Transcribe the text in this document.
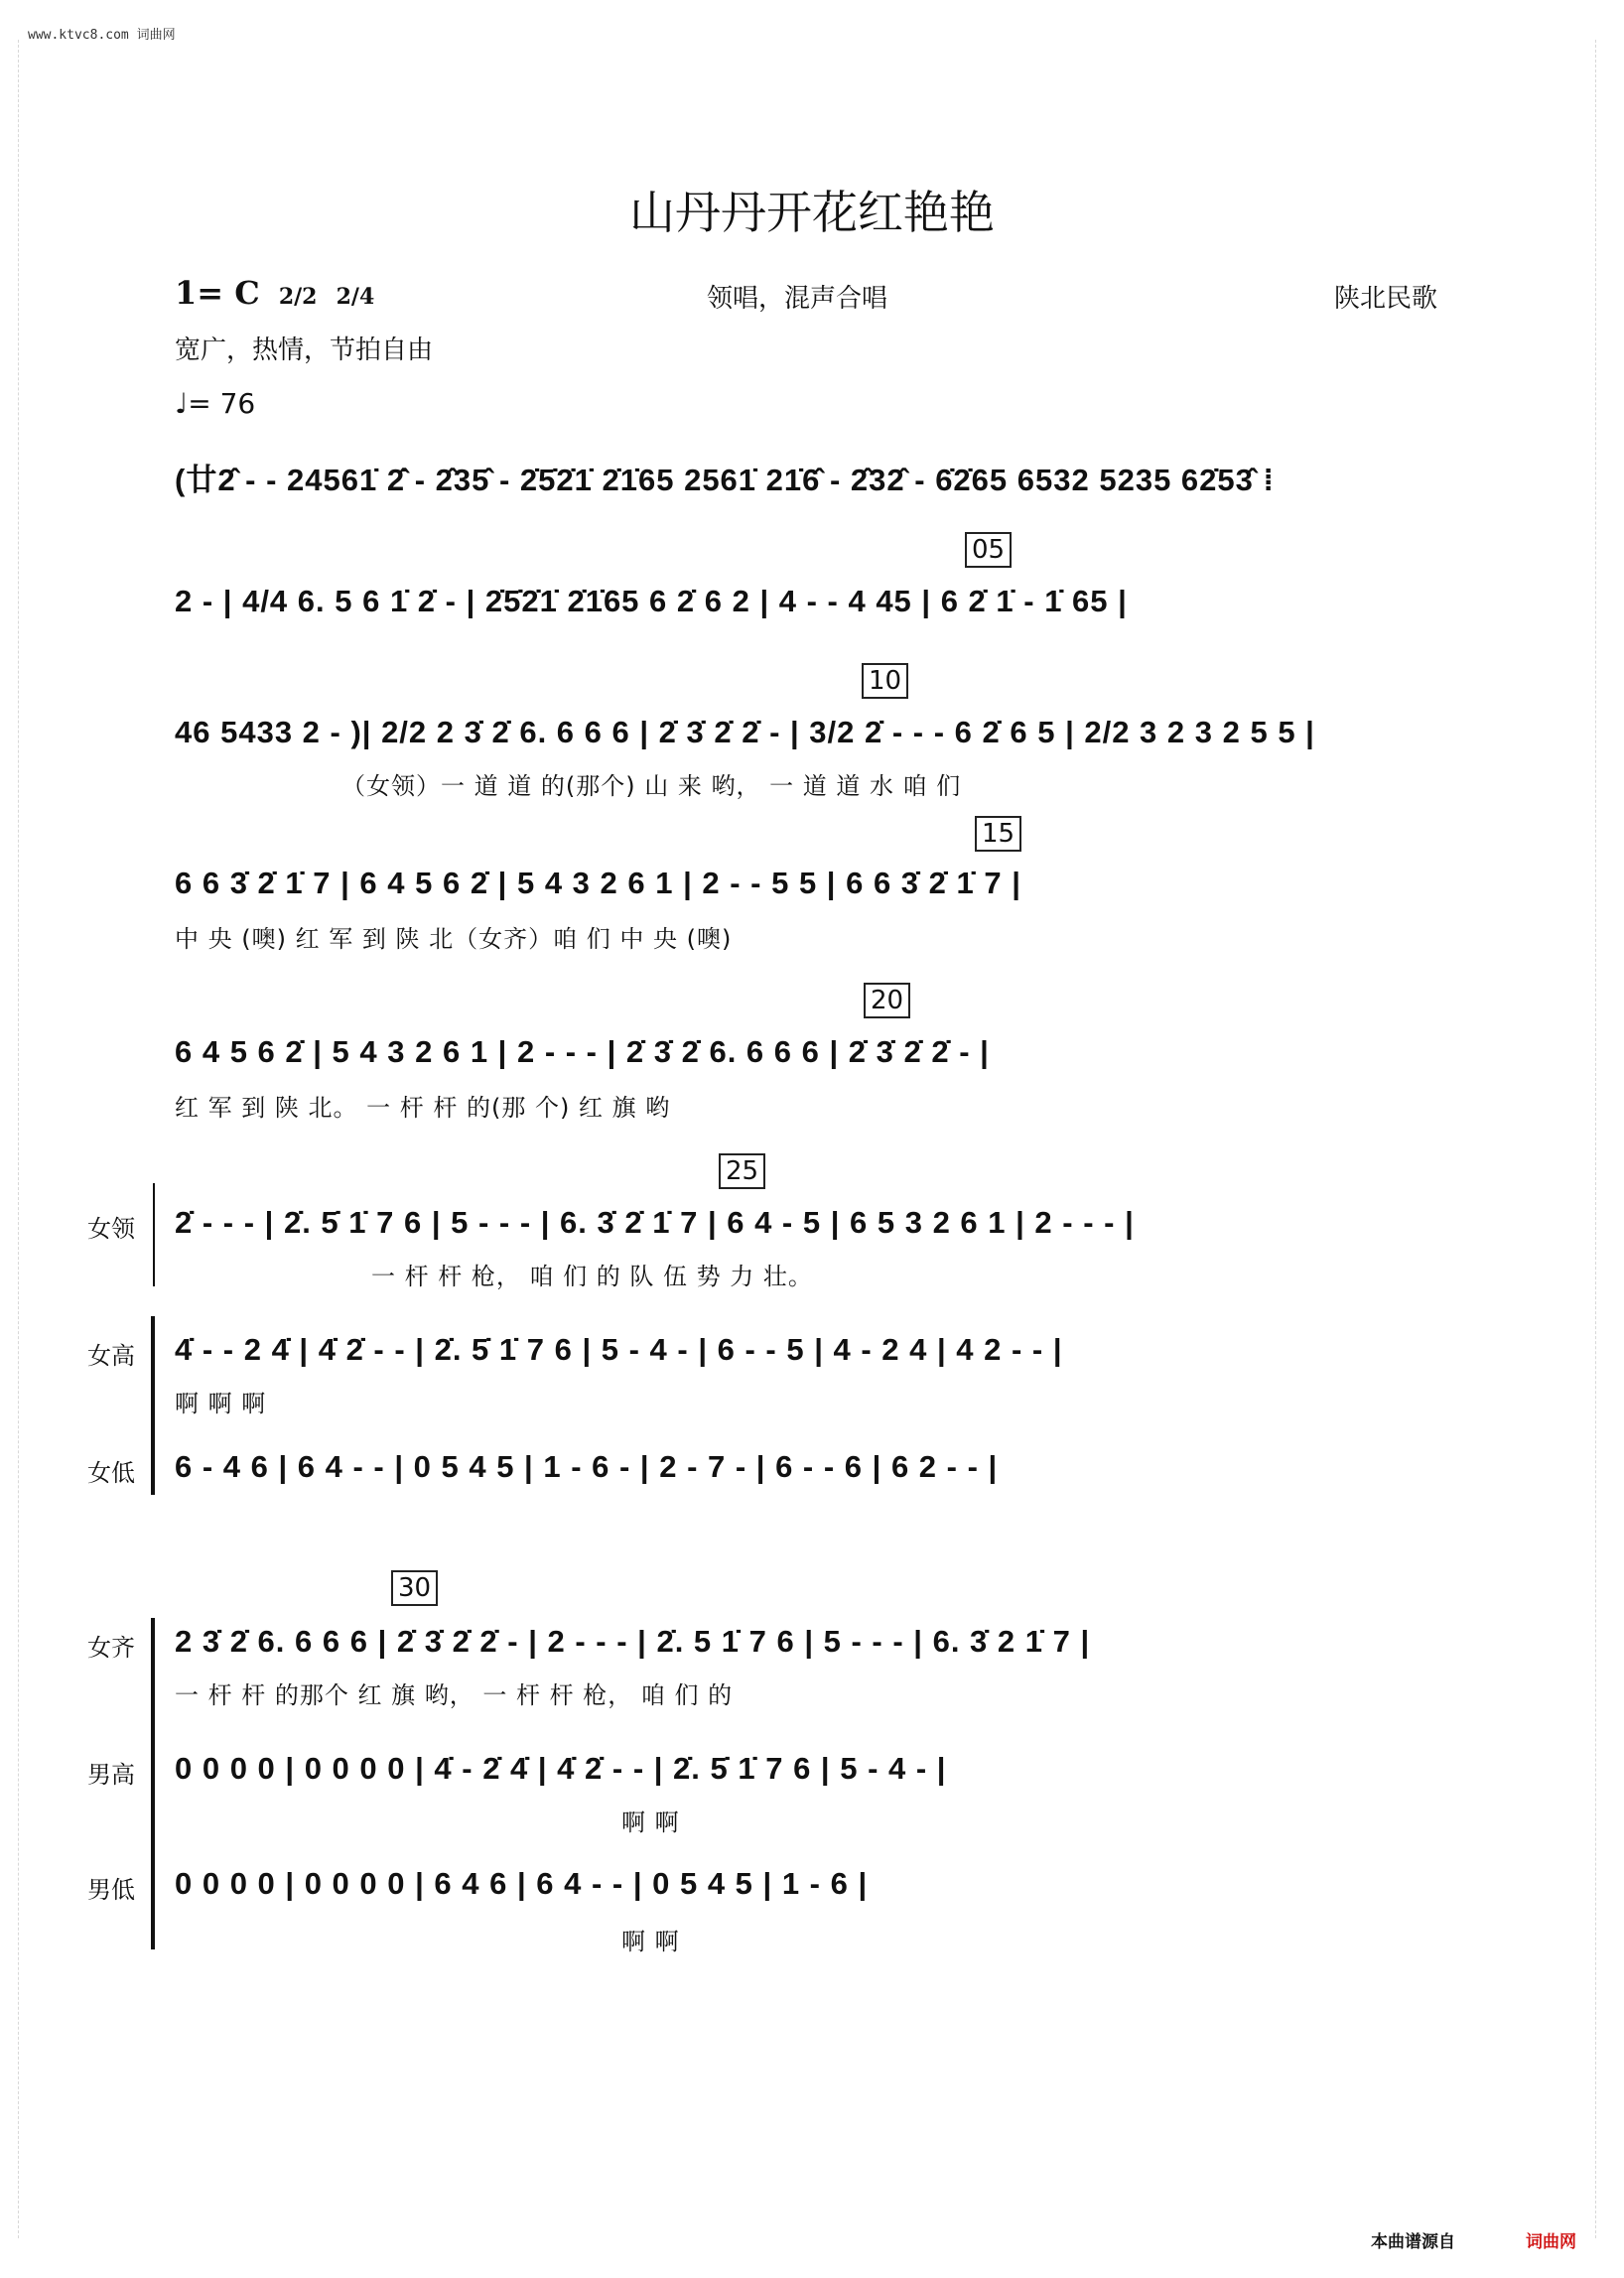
www.ktvc8.com 词曲网
山丹丹开花红艳艳
1= C 2/2 2/4	领唱，混声合唱	陕北民歌
宽广，热情，节拍自由
♩= 76
(廿2̂ - - 24561̇ 2̇̂ - 2̂35̂ - 2̇5̇2̇1̇ 2̇1̇65 2561̇ 21̇6̂ - 2̂32̂ - 6̇2̇65 6532 5235 62̇53̂ ⁞
05
2 - | 4/4 6. 5 6 1̇ 2̇ - | 2̇5̇2̇1̇ 2̇1̇65 6 2̇ 6 2 | 4 - - 4 45 | 6 2̇ 1̇ - 1̇ 65 |
10
46 5433 2 - )| 2/2 2 3̇ 2̇ 6. 6 6 6 | 2̇ 3̇ 2̇ 2̇ - | 3/2 2̇ - - - 6 2̇ 6 5 | 2/2 3 2 3 2 5 5 |
（女领）一 道 道 的(那个) 山 来 哟， 一 道 道 水 咱 们
15
6 6 3̇ 2̇ 1̇ 7 | 6 4 5 6 2̇ | 5 4 3 2 6 1 | 2 - - 5 5 | 6 6 3̇ 2̇ 1̇ 7 |
中 央 (噢) 红 军 到 陕 北（女齐）咱 们 中 央 (噢)
20
6 4 5 6 2̇ | 5 4 3 2 6 1 | 2 - - - | 2̇ 3̇ 2̇ 6. 6 6 6 | 2̇ 3̇ 2̇ 2̇ - |
红 军 到 陕 北。 一 杆 杆 的(那 个) 红 旗 哟
25
女领 2̇ - - - | 2̇. 5̇ 1̇ 7 6 | 5 - - - | 6. 3̇ 2̇ 1̇ 7 | 6 4 - 5 | 6 5 3 2 6 1 | 2 - - - |
一 杆 杆 枪， 咱 们 的 队 伍 势 力 壮。
女高 4̇ - - 2 4̇ | 4̇ 2̇ - - | 2̇. 5̇ 1̇ 7 6 | 5 - 4 - | 6 - - 5 | 4 - 2 4 | 4 2 - - |
啊 啊 啊
女低 6 - 4 6 | 6 4 - - | 0 5 4 5 | 1 - 6 - | 2 - 7 - | 6 - - 6 | 6 2 - - |
30
女齐 2 3̇ 2̇ 6. 6 6 6 | 2̇ 3̇ 2̇ 2̇ - | 2 - - - | 2̇. 5 1̇ 7 6 | 5 - - - | 6. 3̇ 2 1̇ 7 |
一 杆 杆 的那个 红 旗 哟， 一 杆 杆 枪， 咱 们 的
男高 0 0 0 0 | 0 0 0 0 | 4̇ - 2̇ 4̇ | 4̇ 2̇ - - | 2̇. 5̇ 1̇ 7 6 | 5 - 4 - |
啊 啊
男低 0 0 0 0 | 0 0 0 0 | 6 4 6 | 6 4 - - | 0 5 4 5 | 1 - 6 |
啊 啊
本曲谱源自	词曲网
